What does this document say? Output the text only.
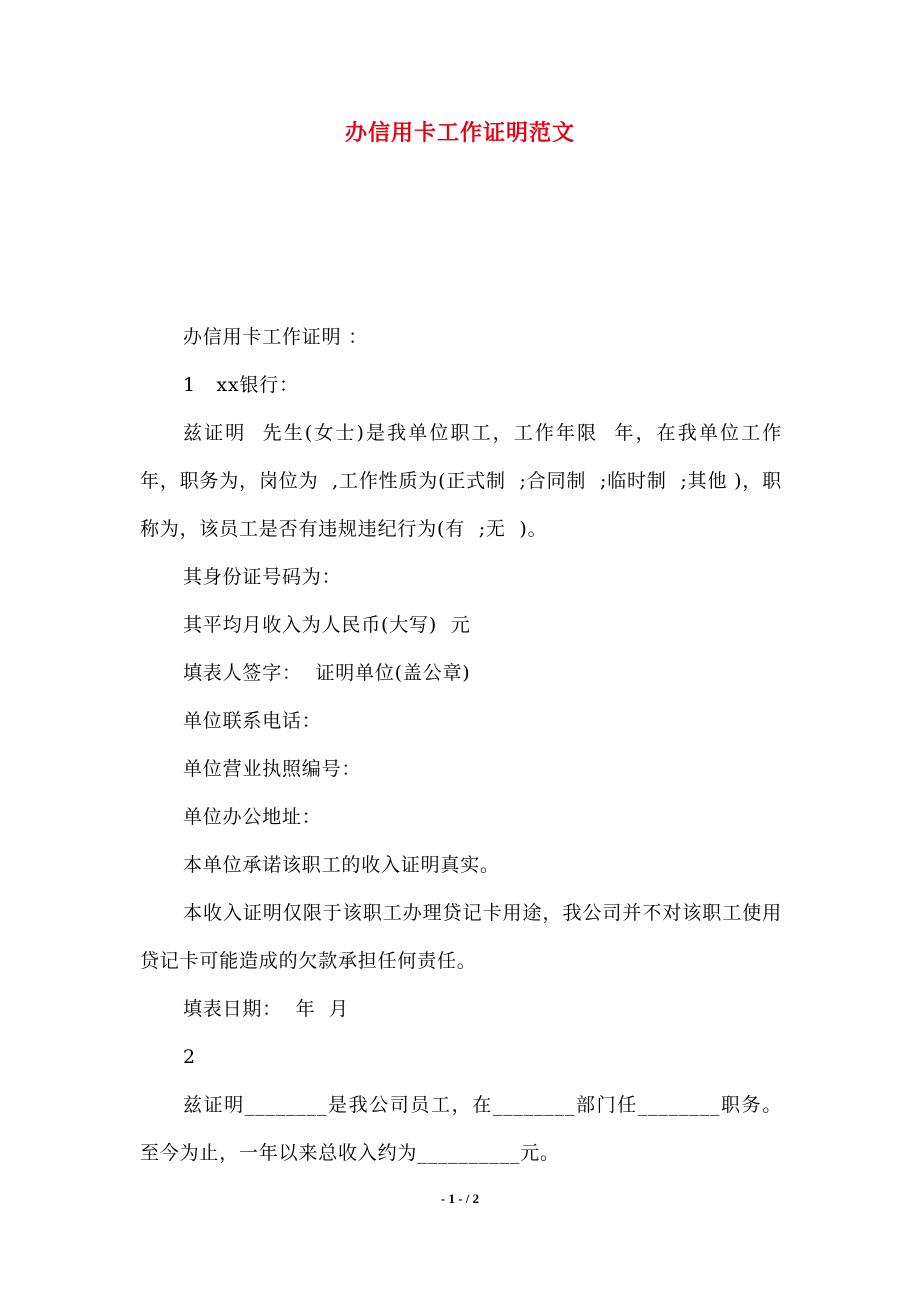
办信用卡工作证明范文

办信用卡工作证明 ：

1   xx银行：

兹证明  先生(女士)是我单位职工，工作年限  年，在我单位工作  年，职务为，岗位为  ,工作性质为(正式制  ;合同制  ;临时制  ;其他 )，职称为，该员工是否有违规违纪行为(有  ;无  )。

其身份证号码为：

其平均月收入为人民币(大写)  元

填表人签字：  证明单位(盖公章)

单位联系电话：

单位营业执照编号：

单位办公地址：

本单位承诺该职工的收入证明真实。

本收入证明仅限于该职工办理贷记卡用途，我公司并不对该职工使用贷记卡可能造成的欠款承担任何责任。

填表日期：  年  月

2

兹证明________是我公司员工，在________部门任________职务。至今为止，一年以来总收入约为__________元。

- 1 - / 2
